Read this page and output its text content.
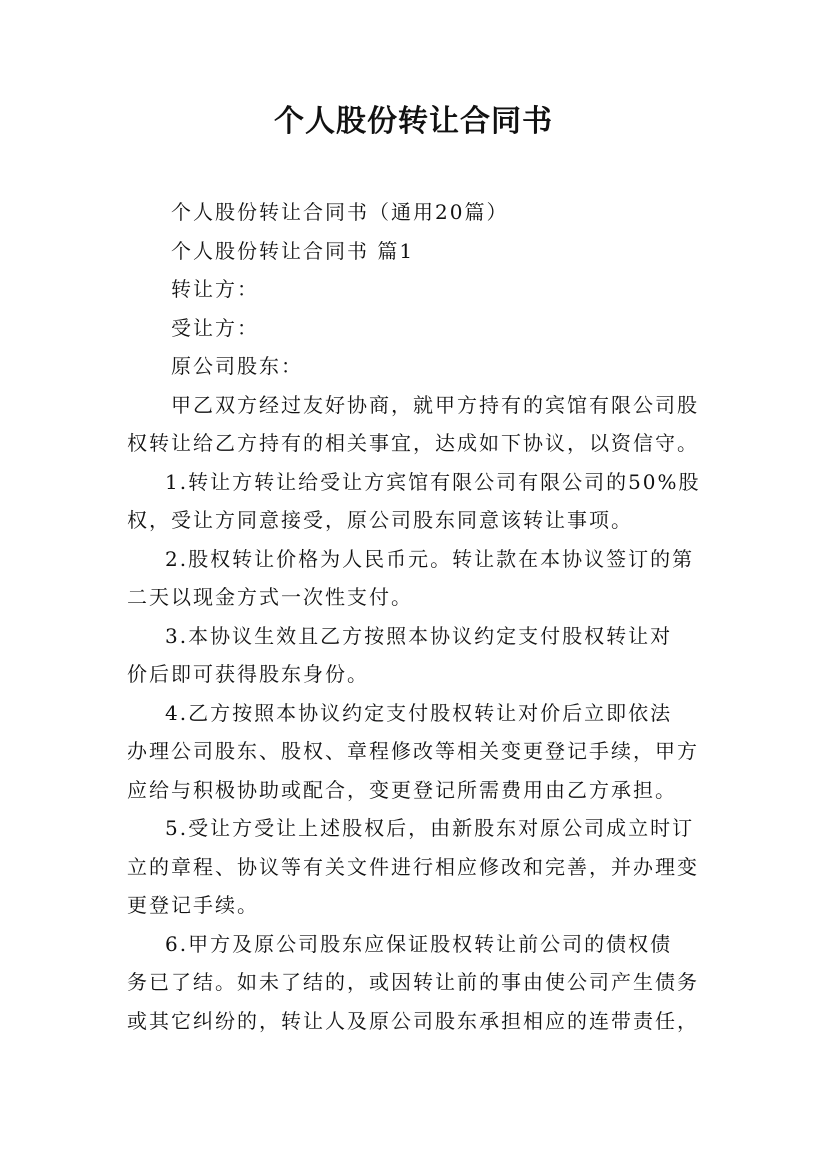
个人股份转让合同书
个人股份转让合同书（通用20篇）
个人股份转让合同书 篇1
转让方：
受让方：
原公司股东：
甲乙双方经过友好协商，就甲方持有的宾馆有限公司股
权转让给乙方持有的相关事宜，达成如下协议，以资信守。
1.转让方转让给受让方宾馆有限公司有限公司的50%股
权，受让方同意接受，原公司股东同意该转让事项。
2.股权转让价格为人民币元。转让款在本协议签订的第
二天以现金方式一次性支付。
3.本协议生效且乙方按照本协议约定支付股权转让对
价后即可获得股东身份。
4.乙方按照本协议约定支付股权转让对价后立即依法
办理公司股东、股权、章程修改等相关变更登记手续，甲方
应给与积极协助或配合，变更登记所需费用由乙方承担。
5.受让方受让上述股权后，由新股东对原公司成立时订
立的章程、协议等有关文件进行相应修改和完善，并办理变
更登记手续。
6.甲方及原公司股东应保证股权转让前公司的债权债
务已了结。如未了结的，或因转让前的事由使公司产生债务
或其它纠纷的，转让人及原公司股东承担相应的连带责任，
